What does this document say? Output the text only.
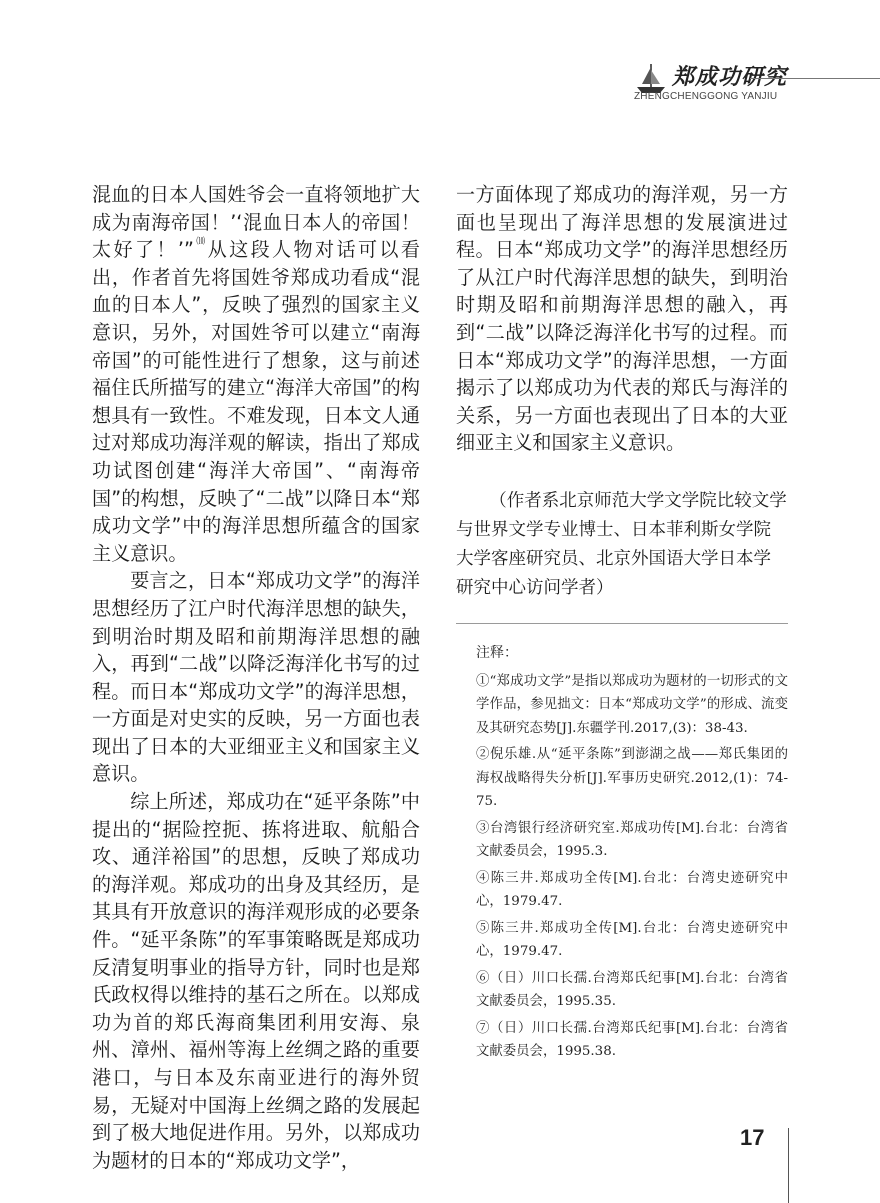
郑成功研究
ZHENGCHENGGONG YANJIU

混血的日本人国姓爷会一直将领地扩大成为南海帝国！’‘混血日本人的帝国！太好了！’”⑽从这段人物对话可以看出，作者首先将国姓爷郑成功看成“混血的日本人”，反映了强烈的国家主义意识，另外，对国姓爷可以建立“南海帝国”的可能性进行了想象，这与前述福住氏所描写的建立“海洋大帝国”的构想具有一致性。不难发现，日本文人通过对郑成功海洋观的解读，指出了郑成功试图创建“海洋大帝国”、“南海帝国”的构想，反映了“二战”以降日本“郑成功文学”中的海洋思想所蕴含的国家主义意识。

要言之，日本“郑成功文学”的海洋思想经历了江户时代海洋思想的缺失，到明治时期及昭和前期海洋思想的融入，再到“二战”以降泛海洋化书写的过程。而日本“郑成功文学”的海洋思想，一方面是对史实的反映，另一方面也表现出了日本的大亚细亚主义和国家主义意识。

综上所述，郑成功在“延平条陈”中提出的“据险控扼、拣将进取、航船合攻、通洋裕国”的思想，反映了郑成功的海洋观。郑成功的出身及其经历，是其具有开放意识的海洋观形成的必要条件。“延平条陈”的军事策略既是郑成功反清复明事业的指导方针，同时也是郑氏政权得以维持的基石之所在。以郑成功为首的郑氏海商集团利用安海、泉州、漳州、福州等海上丝绸之路的重要港口，与日本及东南亚进行的海外贸易，无疑对中国海上丝绸之路的发展起到了极大地促进作用。另外，以郑成功为题材的日本的“郑成功文学”，

一方面体现了郑成功的海洋观，另一方面也呈现出了海洋思想的发展演进过程。日本“郑成功文学”的海洋思想经历了从江户时代海洋思想的缺失，到明治时期及昭和前期海洋思想的融入，再到“二战”以降泛海洋化书写的过程。而日本“郑成功文学”的海洋思想，一方面揭示了以郑成功为代表的郑氏与海洋的关系，另一方面也表现出了日本的大亚细亚主义和国家主义意识。

（作者系北京师范大学文学院比较文学与世界文学专业博士、日本菲利斯女学院大学客座研究员、北京外国语大学日本学研究中心访问学者）

注释：

①“郑成功文学”是指以郑成功为题材的一切形式的文学作品，参见拙文：日本“郑成功文学”的形成、流变及其研究态势[J].东疆学刊.2017,(3)：38-43.

②倪乐雄.从“延平条陈”到澎湖之战——郑氏集团的海权战略得失分析[J].军事历史研究.2012,(1)：74-75.

③台湾银行经济研究室.郑成功传[M].台北：台湾省文献委员会，1995.3.

④陈三井.郑成功全传[M].台北：台湾史迹研究中心，1979.47.

⑤陈三井.郑成功全传[M].台北：台湾史迹研究中心，1979.47.

⑥（日）川口长孺.台湾郑氏纪事[M].台北：台湾省文献委员会，1995.35.

⑦（日）川口长孺.台湾郑氏纪事[M].台北：台湾省文献委员会，1995.38.

17
